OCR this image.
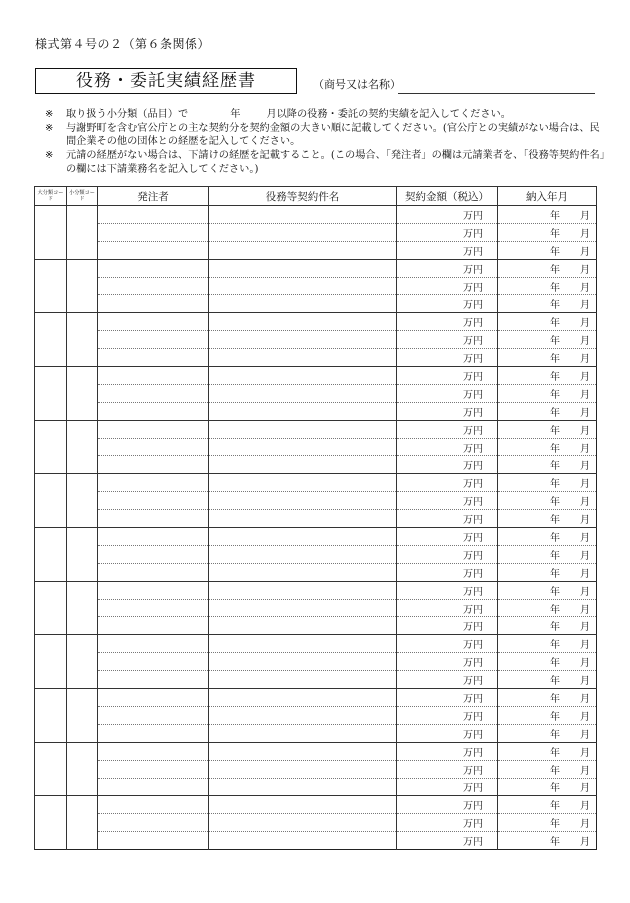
様式第４号の２（第６条関係）
役務・委託実績経歴書	（商号又は名称）
※	取り扱う小分類（品目）で	年	月以降の役務・委託の契約実績を記入してください。
※	与謝野町を含む官公庁との主な契約分を契約金額の大きい順に記載してください。(官公庁との実績がない場合は、民間企業その他の団体との経歴を記入してください。
※	元請の経歴がない場合は、下請けの経歴を記載すること。(この場合、「発注者」の欄は元請業者を、「役務等契約件名」の欄には下請業務名を記入してください。)
大分類コード	小分類コード	発注者	役務等契約件名	契約金額（税込）	納入年月
				万円	年 月
				万円	年 月
				万円	年 月
				万円	年 月
				万円	年 月
				万円	年 月
				万円	年 月
				万円	年 月
				万円	年 月
				万円	年 月
				万円	年 月
				万円	年 月
				万円	年 月
				万円	年 月
				万円	年 月
				万円	年 月
				万円	年 月
				万円	年 月
				万円	年 月
				万円	年 月
				万円	年 月
				万円	年 月
				万円	年 月
				万円	年 月
				万円	年 月
				万円	年 月
				万円	年 月
				万円	年 月
				万円	年 月
				万円	年 月
				万円	年 月
				万円	年 月
				万円	年 月
				万円	年 月
				万円	年 月
				万円	年 月
